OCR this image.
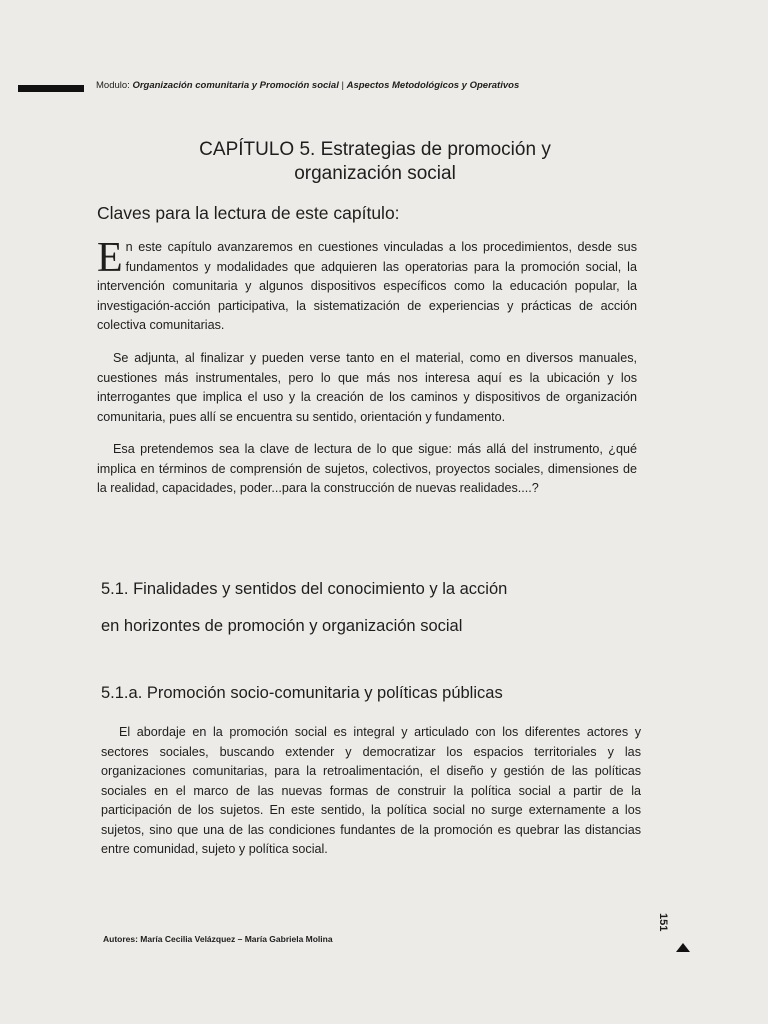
Modulo: Organización comunitaria y Promoción social | Aspectos Metodológicos y Operativos
CAPÍTULO 5. Estrategias de promoción y
organización social
Claves para la lectura de este capítulo:

En este capítulo avanzaremos en cuestiones vinculadas a los procedimientos, desde sus fundamentos y modalidades que adquieren las operatorias para la promoción social, la intervención comunitaria y algunos dispositivos específicos como la educación popular, la investigación-acción participativa, la sistematización de experiencias y prácticas de acción colectiva comunitarias.

Se adjunta, al finalizar y pueden verse tanto en el material, como en diversos manuales, cuestiones más instrumentales, pero lo que más nos interesa aquí es la ubicación y los interrogantes que implica el uso y la creación de los caminos y dispositivos de organización comunitaria, pues allí se encuentra su sentido, orientación y fundamento.

Esa pretendemos sea la clave de lectura de lo que sigue: más allá del instrumento, ¿qué implica en términos de comprensión de sujetos, colectivos, proyectos sociales, dimensiones de la realidad, capacidades, poder...para la construcción de nuevas realidades....?

5.1. Finalidades y sentidos del conocimiento y la acción
en horizontes de promoción y organización social
5.1.a. Promoción socio-comunitaria y políticas públicas

El abordaje en la promoción social es integral y articulado con los diferentes actores y sectores sociales, buscando extender y democratizar los espacios territoriales y las organizaciones comunitarias, para la retroalimentación, el diseño y gestión de las políticas sociales en el marco de las nuevas formas de construir la política social a partir de la participación de los sujetos. En este sentido, la política social no surge externamente a los sujetos, sino que una de las condiciones fundantes de la promoción es quebrar las distancias entre comunidad, sujeto y política social.

Autores: María Cecilia Velázquez – María Gabriela Molina
151
